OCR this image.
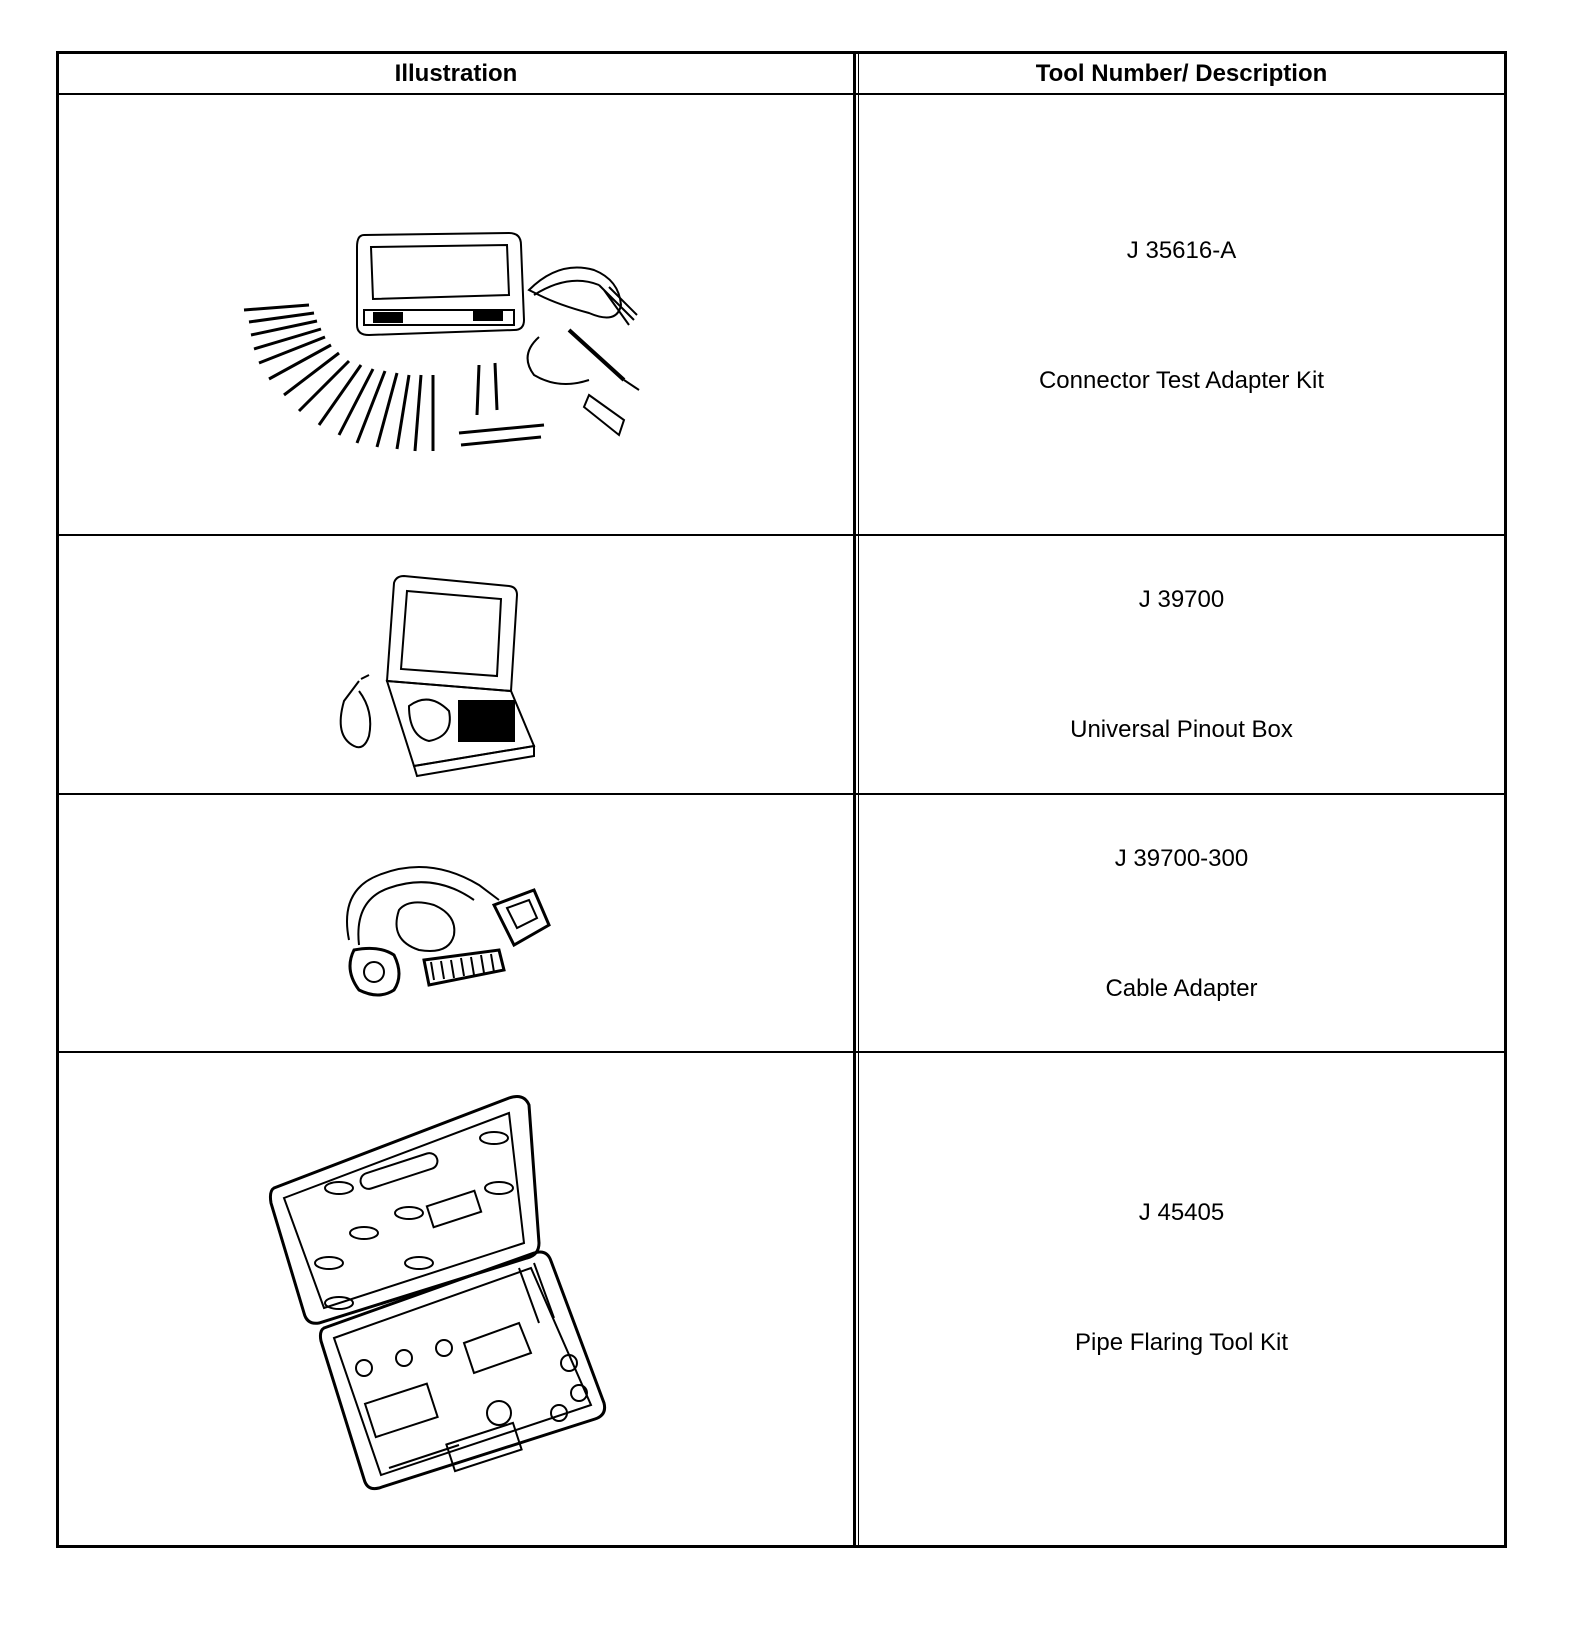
Illustration	Tool Number/ Description
J 35616-A
Connector Test Adapter Kit
J 39700
Universal Pinout Box
J 39700-300
Cable Adapter
J 45405
Pipe Flaring Tool Kit
